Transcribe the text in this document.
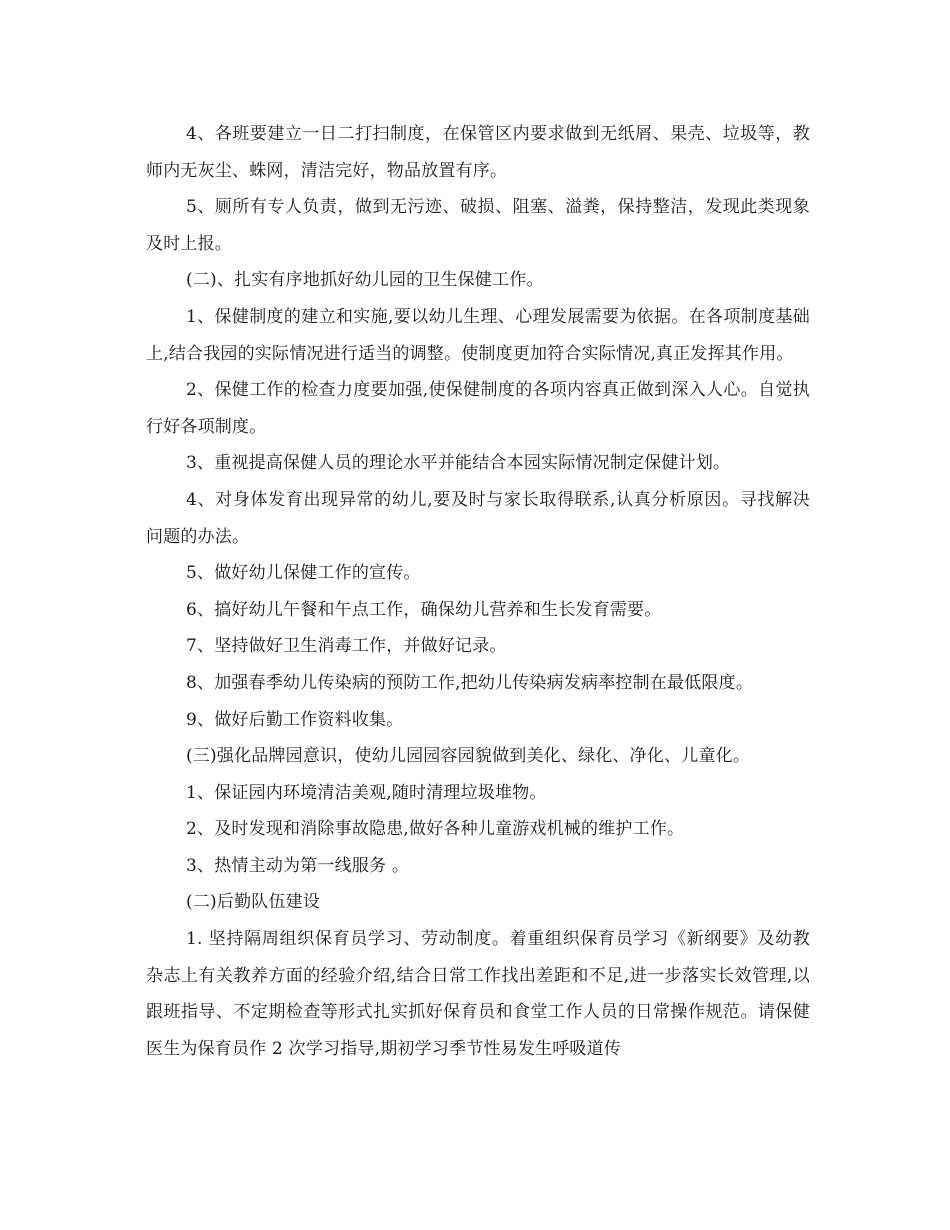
4、各班要建立一日二打扫制度，在保管区内要求做到无纸屑、果壳、垃圾等，教师内无灰尘、蛛网，清洁完好，物品放置有序。

5、厕所有专人负责，做到无污迹、破损、阻塞、溢粪，保持整洁，发现此类现象及时上报。

(二)、扎实有序地抓好幼儿园的卫生保健工作。

1、保健制度的建立和实施,要以幼儿生理、心理发展需要为依据。在各项制度基础上,结合我园的实际情况进行适当的调整。使制度更加符合实际情况,真正发挥其作用。

2、保健工作的检查力度要加强,使保健制度的各项内容真正做到深入人心。自觉执行好各项制度。

3、重视提高保健人员的理论水平并能结合本园实际情况制定保健计划。

4、对身体发育出现异常的幼儿,要及时与家长取得联系,认真分析原因。寻找解决问题的办法。

5、做好幼儿保健工作的宣传。

6、搞好幼儿午餐和午点工作，确保幼儿营养和生长发育需要。

7、坚持做好卫生消毒工作，并做好记录。

8、加强春季幼儿传染病的预防工作,把幼儿传染病发病率控制在最低限度。

9、做好后勤工作资料收集。

(三)强化品牌园意识，使幼儿园园容园貌做到美化、绿化、净化、儿童化。

1、保证园内环境清洁美观,随时清理垃圾堆物。

2、及时发现和消除事故隐患,做好各种儿童游戏机械的维护工作。

3、热情主动为第一线服务 。

(二)后勤队伍建设

1. 坚持隔周组织保育员学习、劳动制度。着重组织保育员学习《新纲要》及幼教杂志上有关教养方面的经验介绍,结合日常工作找出差距和不足,进一步落实长效管理,以跟班指导、不定期检查等形式扎实抓好保育员和食堂工作人员的日常操作规范。请保健医生为保育员作 2 次学习指导,期初学习季节性易发生呼吸道传
